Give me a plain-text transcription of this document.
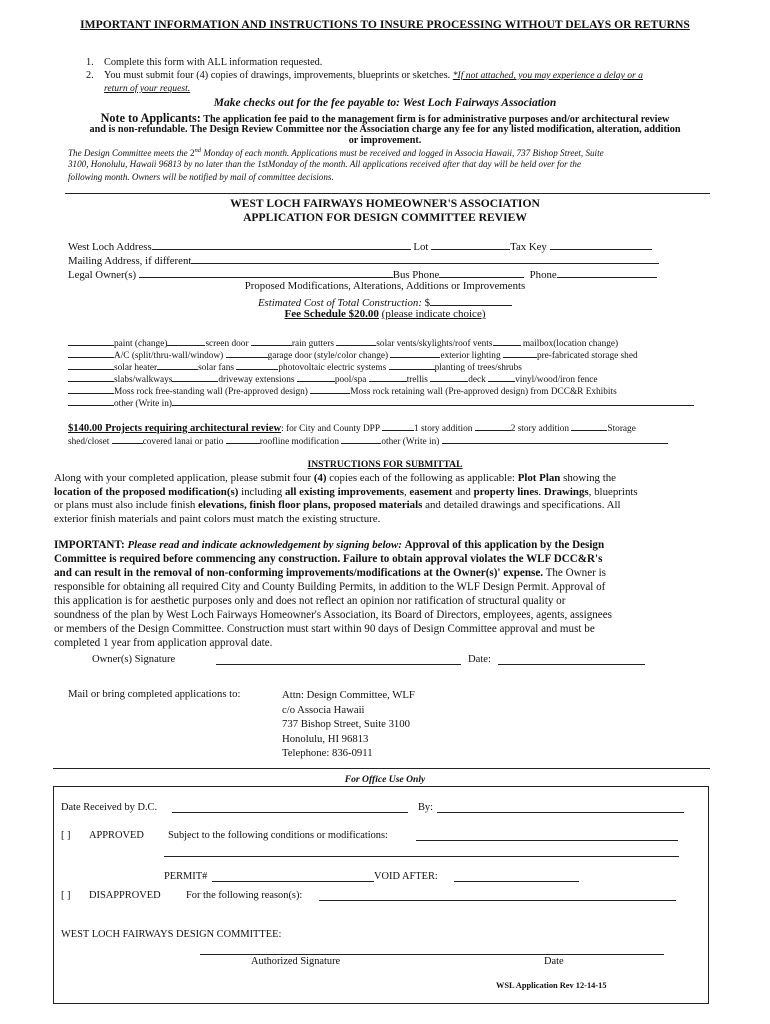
IMPORTANT INFORMATION AND INSTRUCTIONS TO INSURE PROCESSING WITHOUT DELAYS OR RETURNS
1. Complete this form with ALL information requested.
2. You must submit four (4) copies of drawings, improvements, blueprints or sketches. *If not attached, you may experience a delay or a
return of your request.
Make checks out for the fee payable to: West Loch Fairways Association
Note to Applicants: The application fee paid to the management firm is for administrative purposes and/or architectural review
and is non-refundable. The Design Review Committee nor the Association charge any fee for any listed modification, alteration, addition
or improvement.
The Design Committee meets the 2nd Monday of each month. Applications must be received and logged in Associa Hawaii, 737 Bishop Street, Suite
3100, Honolulu, Hawaii 96813 by no later than the 1stMonday of the month. All applications received after that day will be held over for the
following month. Owners will be notified by mail of committee decisions.
WEST LOCH FAIRWAYS HOMEOWNER'S ASSOCIATION
APPLICATION FOR DESIGN COMMITTEE REVIEW
West Loch Address	Lot	Tax Key
Mailing Address, if different
Legal Owner(s)	Bus Phone	Phone
Proposed Modifications, Alterations, Additions or Improvements
Estimated Cost of Total Construction: $
Fee Schedule $20.00 (please indicate choice)
paint (change)	screen door	rain gutters	solar vents/skylights/roof vents	mailbox(location change)
A/C (split/thru-wall/window)	garage door (style/color change)	exterior lighting	pre-fabricated storage shed
solar heater	solar fans	photovoltaic electric systems	planting of trees/shrubs
slabs/walkways	driveway extensions	pool/spa	trellis	deck	vinyl/wood/iron fence
Moss rock free-standing wall (Pre-approved design)	Moss rock retaining wall (Pre-approved design) from DCC&R Exhibits
other (Write in)
$140.00 Projects requiring architectural review: for City and County DPP	1 story addition	2 story addition	Storage
shed/closet	covered lanai or patio	roofline modification	other (Write in)
INSTRUCTIONS FOR SUBMITTAL
Along with your completed application, please submit four (4) copies each of the following as applicable: Plot Plan showing the
location of the proposed modification(s) including all existing improvements, easement and property lines. Drawings, blueprints
or plans must also include finish elevations, finish floor plans, proposed materials and detailed drawings and specifications. All
exterior finish materials and paint colors must match the existing structure.
IMPORTANT: Please read and indicate acknowledgement by signing below: Approval of this application by the Design
Committee is required before commencing any construction. Failure to obtain approval violates the WLF DCC&R's
and can result in the removal of non-conforming improvements/modifications at the Owner(s)' expense. The Owner is
responsible for obtaining all required City and County Building Permits, in addition to the WLF Design Permit. Approval of
this application is for aesthetic purposes only and does not reflect an opinion nor ratification of structural quality or
soundness of the plan by West Loch Fairways Homeowner's Association, its Board of Directors, employees, agents, assignees
or members of the Design Committee. Construction must start within 90 days of Design Committee approval and must be
completed 1 year from application approval date.
Owner(s) Signature	Date:
Mail or bring completed applications to:	Attn: Design Committee, WLF
c/o Associa Hawaii
737 Bishop Street, Suite 3100
Honolulu, HI 96813
Telephone: 836-0911
For Office Use Only
Date Received by D.C.	By:
[ ] APPROVED Subject to the following conditions or modifications:
PERMIT#	VOID AFTER:
[ ] DISAPPROVED For the following reason(s):
WEST LOCH FAIRWAYS DESIGN COMMITTEE:
Authorized Signature	Date
WSL Application Rev 12-14-15
